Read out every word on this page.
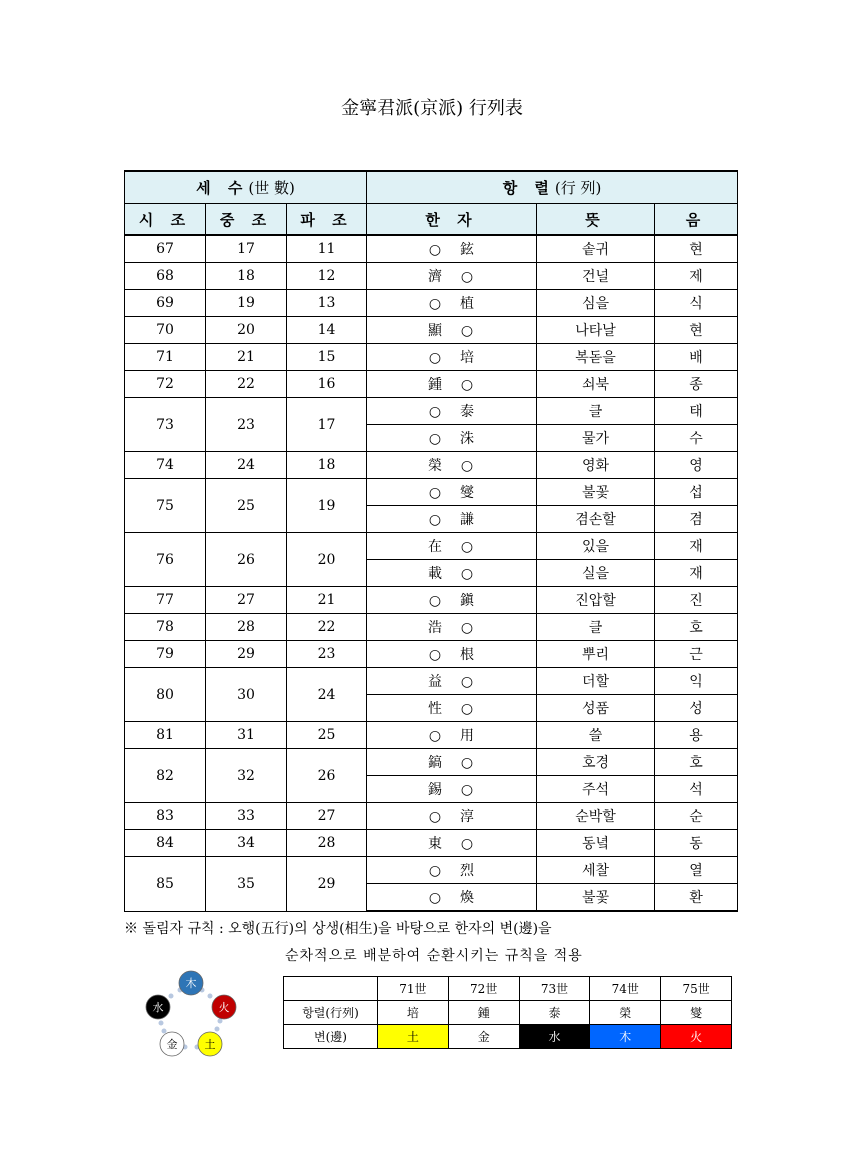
金寧君派(京派) 行列表
세 수(世 數)			항 렬(行 列)		
시 조	중 조	파 조	한 자	뜻	음
67	17	11	○ 鉉	솥귀	현
68	18	12	濟 ○	건널	제
69	19	13	○ 植	심을	식
70	20	14	顯 ○	나타날	현
71	21	15	○ 培	복돋을	배
72	22	16	鍾 ○	쇠북	종
73	23	17	○ 泰	클	태
			○ 洙	물가	수
74	24	18	榮 ○	영화	영
75	25	19	○ 燮	불꽃	섭
			○ 謙	겸손할	겸
76	26	20	在 ○	있을	재
			載 ○	실을	재
77	27	21	○ 鎭	진압할	진
78	28	22	浩 ○	클	호
79	29	23	○ 根	뿌리	근
80	30	24	益 ○	더할	익
			性 ○	성품	성
81	31	25	○ 用	쓸	용
82	32	26	鎬 ○	호경	호
			錫 ○	주석	석
83	33	27	○ 淳	순박할	순
84	34	28	東 ○	동녘	동
85	35	29	○ 烈	세찰	열
			○ 煥	불꽃	환
※ 돌림자 규칙 : 오행(五行)의 상생(相生)을 바탕으로 한자의 변(邊)을
순차적으로 배분하여 순환시키는 규칙을 적용
木
火
土
金
水
	71世	72世	73世	74世	75世
항렬(行列)	培	鍾	泰	榮	燮
변(邊)	土	金	水	木	火
